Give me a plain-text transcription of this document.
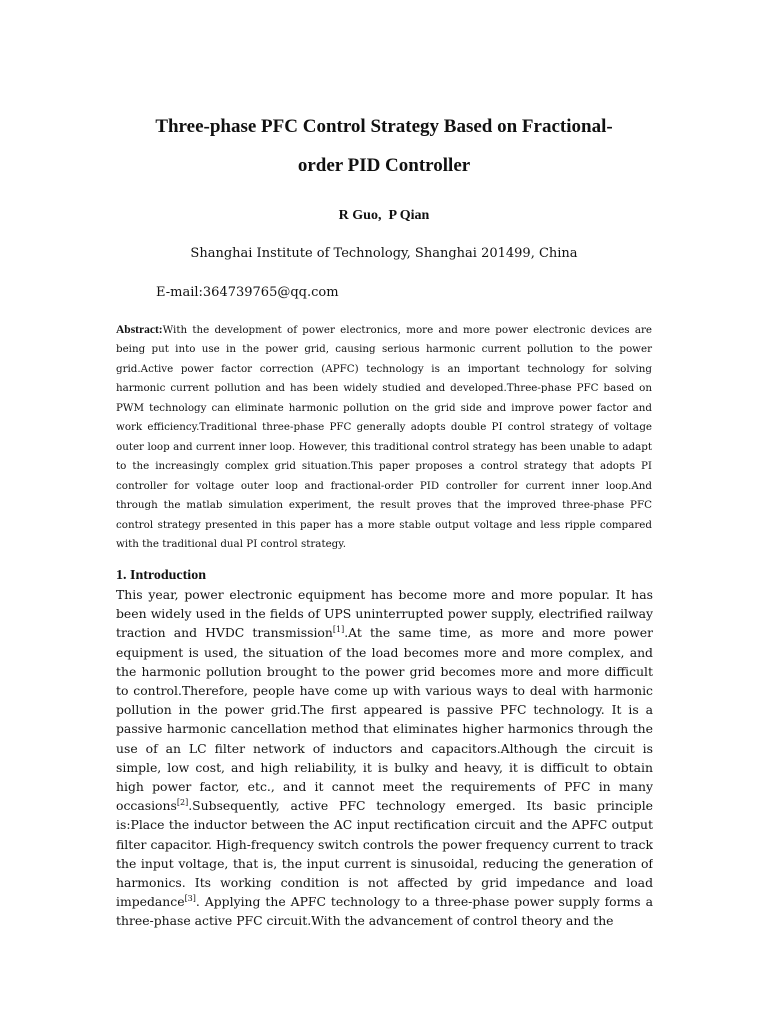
Three-phase PFC Control Strategy Based on Fractional-
order PID Controller
R Guo,  P Qian
Shanghai Institute of Technology, Shanghai 201499, China
E-mail:364739765@qq.com

Abstract:With the development of power electronics, more and more power electronic devices are being put into use in the power grid, causing serious harmonic current pollution to the power grid.Active power factor correction (APFC) technology is an important technology for solving harmonic current pollution and has been widely studied and developed.Three-phase PFC based on PWM technology can eliminate harmonic pollution on the grid side and improve power factor and work efficiency.Traditional three-phase PFC generally adopts double PI control strategy of voltage outer loop and current inner loop. However, this traditional control strategy has been unable to adapt to the increasingly complex grid situation.This paper proposes a control strategy that adopts PI controller for voltage outer loop and fractional-order PID controller for current inner loop.And through the matlab simulation experiment, the result proves that the improved three-phase PFC control strategy presented in this paper has a more stable output voltage and less ripple compared with the traditional dual PI control strategy.

1. Introduction

This year, power electronic equipment has become more and more popular. It has been widely used in the fields of UPS uninterrupted power supply, electrified railway traction and HVDC transmission[1].At the same time, as more and more power equipment is used, the situation of the load becomes more and more complex, and the harmonic pollution brought to the power grid becomes more and more difficult to control.Therefore, people have come up with various ways to deal with harmonic pollution in the power grid.The first appeared is passive PFC technology. It is a passive harmonic cancellation method that eliminates higher harmonics through the use of an LC filter network of inductors and capacitors.Although the circuit is simple, low cost, and high reliability, it is bulky and heavy, it is difficult to obtain high power factor, etc., and it cannot meet the requirements of PFC in many occasions[2].Subsequently, active PFC technology emerged. Its basic principle is:Place the inductor between the AC input rectification circuit and the APFC output filter capacitor. High-frequency switch controls the power frequency current to track the input voltage, that is, the input current is sinusoidal, reducing the generation of harmonics. Its working condition is not affected by grid impedance and load impedance[3]. Applying the APFC technology to a three-phase power supply forms a three-phase active PFC circuit.With the advancement of control theory and the
